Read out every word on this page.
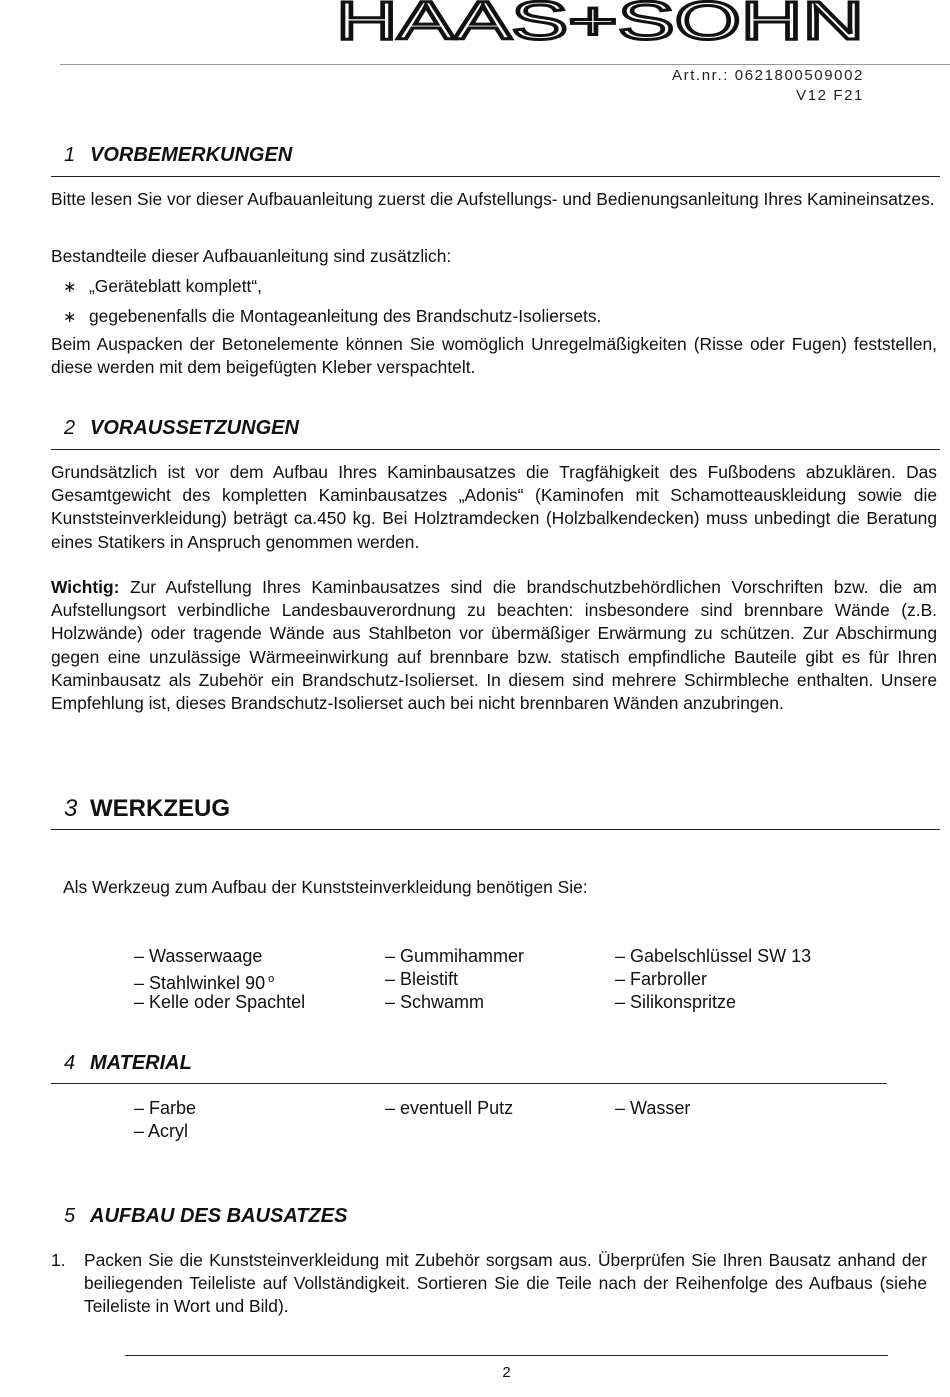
HAAS+SOHN
Art.nr.: 0621800509002
V12 F21
1 VORBEMERKUNGEN
Bitte lesen Sie vor dieser Aufbauanleitung zuerst die Aufstellungs- und Bedienungsanleitung Ihres Kamineinsatzes.
Bestandteile dieser Aufbauanleitung sind zusätzlich:
∗ „Geräteblatt komplett“,
∗ gegebenenfalls die Montageanleitung des Brandschutz-Isoliersets.
Beim Auspacken der Betonelemente können Sie womöglich Unregelmäßigkeiten (Risse oder Fugen) feststellen, diese werden mit dem beigefügten Kleber verspachtelt.
2 VORAUSSETZUNGEN
Grundsätzlich ist vor dem Aufbau Ihres Kaminbausatzes die Tragfähigkeit des Fußbodens abzuklären. Das Gesamtgewicht des kompletten Kaminbausatzes „Adonis“ (Kaminofen mit Schamotteauskleidung sowie die Kunststeinverkleidung) beträgt ca.450 kg. Bei Holztramdecken (Holzbalkendecken) muss unbedingt die Beratung eines Statikers in Anspruch genommen werden.
Wichtig: Zur Aufstellung Ihres Kaminbausatzes sind die brandschutzbehördlichen Vorschriften bzw. die am Aufstellungsort verbindliche Landesbauverordnung zu beachten: insbesondere sind brennbare Wände (z.B. Holzwände) oder tragende Wände aus Stahlbeton vor übermäßiger Erwärmung zu schützen. Zur Abschirmung gegen eine unzulässige Wärmeeinwirkung auf brennbare bzw. statisch empfindliche Bauteile gibt es für Ihren Kaminbausatz als Zubehör ein Brandschutz-Isolierset. In diesem sind mehrere Schirmbleche enthalten. Unsere Empfehlung ist, dieses Brandschutz-Isolierset auch bei nicht brennbaren Wänden anzubringen.
3 WERKZEUG
Als Werkzeug zum Aufbau der Kunststeinverkleidung benötigen Sie:
– Wasserwaage
– Stahlwinkel 90 $^o$
– Kelle oder Spachtel
– Gummihammer
– Bleistift
– Schwamm
– Gabelschlüssel SW 13
– Farbroller
– Silikonspritze
4 MATERIAL
– Farbe
– Acryl
– eventuell Putz	– Wasser
5 AUFBAU DES BAUSATZES
1. Packen Sie die Kunststeinverkleidung mit Zubehör sorgsam aus. Überprüfen Sie Ihren Bausatz anhand der beiliegenden Teileliste auf Vollständigkeit. Sortieren Sie die Teile nach der Reihenfolge des Aufbaus (siehe Teileliste in Wort und Bild).
2
